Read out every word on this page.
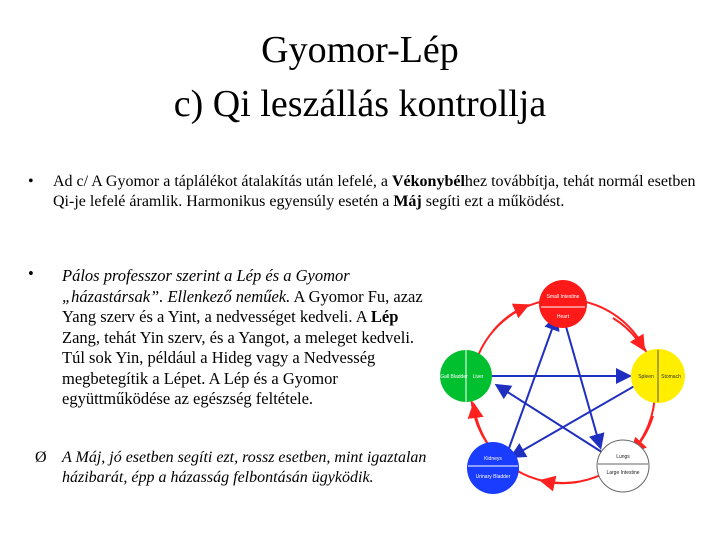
Gyomor-Lép
c) Qi leszállás kontrollja
• Ad c/ A Gyomor a táplálékot átalakítás után lefelé, a Vékonybélhez továbbítja, tehát normál esetben Qi-je lefelé áramlik. Harmonikus egyensúly esetén a Máj segíti ezt a működést.
• Pálos professzor szerint a Lép és a Gyomor „házastársak”. Ellenkező neműek. A Gyomor Fu, azaz Yang szerv és a Yint, a nedvességet kedveli. A Lép Zang, tehát Yin szerv, és a Yangot, a meleget kedveli. Túl sok Yin, például a Hideg vagy a Nedvesség megbetegítik a Lépet. A Lép és a Gyomor együttműködése az egészség feltétele.
Ø A Máj, jó esetben segíti ezt, rossz esetben, mint igaztalan házibarát, épp a házasság felbontásán ügyködik.
Small Intestine
Heart
Spleen Stomach
Lungs
Large Intestine
Kidneys
Urinary Bladder
Gall Bladder Liver
